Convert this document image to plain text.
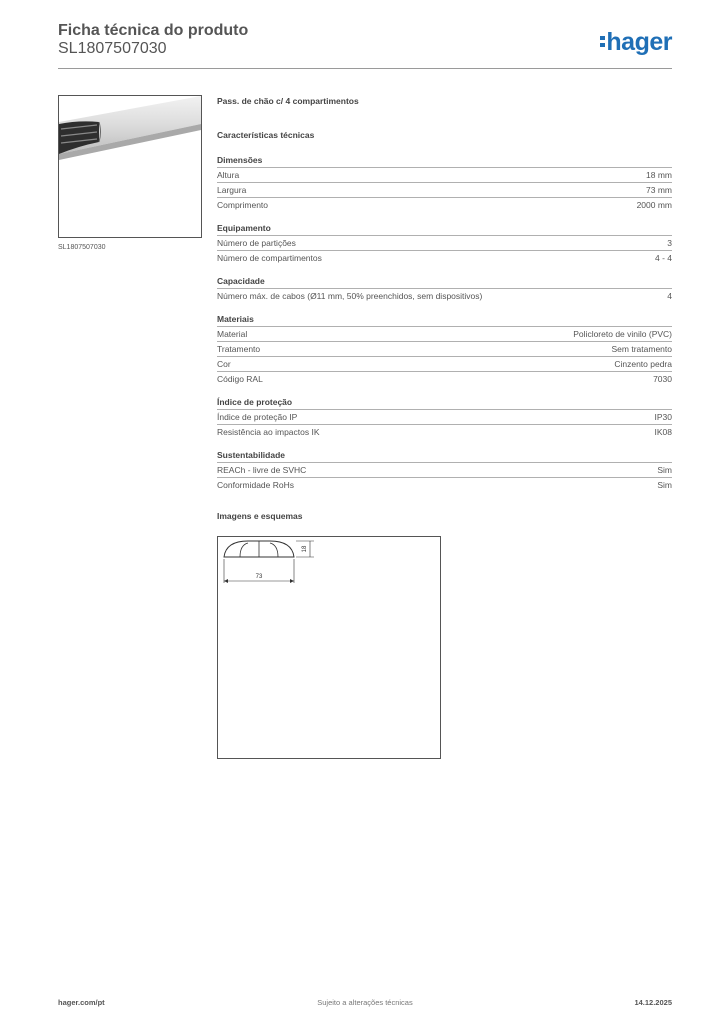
Ficha técnica do produto
SL1807507030	hager
SL1807507030
Pass. de chão c/ 4 compartimentos
Características técnicas
Dimensões
Altura	18 mm
Largura	73 mm
Comprimento	2000 mm
Equipamento
Número de partições	3
Número de compartimentos	4 - 4
Capacidade
Número máx. de cabos (Ø11 mm, 50% preenchidos, sem dispositivos)	4
Materiais
Material	Policloreto de vinilo (PVC)
Tratamento	Sem tratamento
Cor	Cinzento pedra
Código RAL	7030
Índice de proteção
Índice de proteção IP	IP30
Resistência ao impactos IK	IK08
Sustentabilidade
REACh - livre de SVHC	Sim
Conformidade RoHs	Sim
Imagens e esquemas
73
18
hager.com/pt	Sujeito a alterações técnicas	14.12.2025
